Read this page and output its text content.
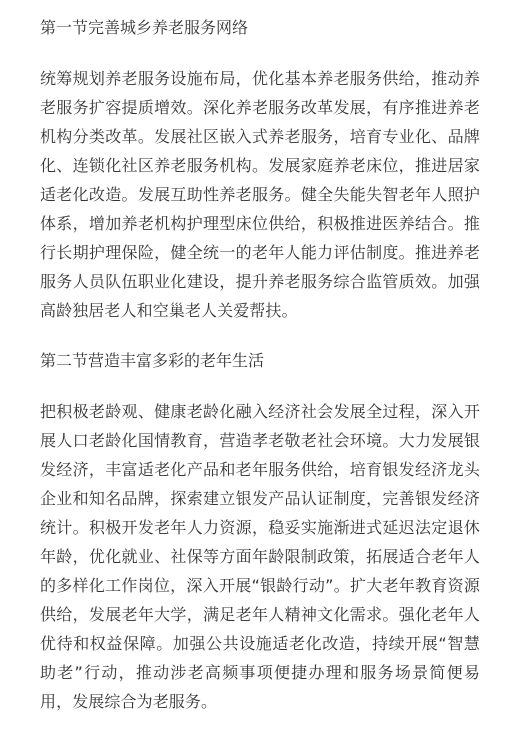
第一节完善城乡养老服务网络

统筹规划养老服务设施布局，优化基本养老服务供给，推动养老服务扩容提质增效。深化养老服务改革发展，有序推进养老机构分类改革。发展社区嵌入式养老服务，培育专业化、品牌化、连锁化社区养老服务机构。发展家庭养老床位，推进居家适老化改造。发展互助性养老服务。健全失能失智老年人照护体系，增加养老机构护理型床位供给，积极推进医养结合。推行长期护理保险，健全统一的老年人能力评估制度。推进养老服务人员队伍职业化建设，提升养老服务综合监管质效。加强高龄独居老人和空巢老人关爱帮扶。

第二节营造丰富多彩的老年生活

把积极老龄观、健康老龄化融入经济社会发展全过程，深入开展人口老龄化国情教育，营造孝老敬老社会环境。大力发展银发经济，丰富适老化产品和老年服务供给，培育银发经济龙头企业和知名品牌，探索建立银发产品认证制度，完善银发经济统计。积极开发老年人力资源，稳妥实施渐进式延迟法定退休年龄，优化就业、社保等方面年龄限制政策，拓展适合老年人的多样化工作岗位，深入开展“银龄行动”。扩大老年教育资源供给，发展老年大学，满足老年人精神文化需求。强化老年人优待和权益保障。加强公共设施适老化改造，持续开展“智慧助老”行动，推动涉老高频事项便捷办理和服务场景简便易用，发展综合为老服务。
